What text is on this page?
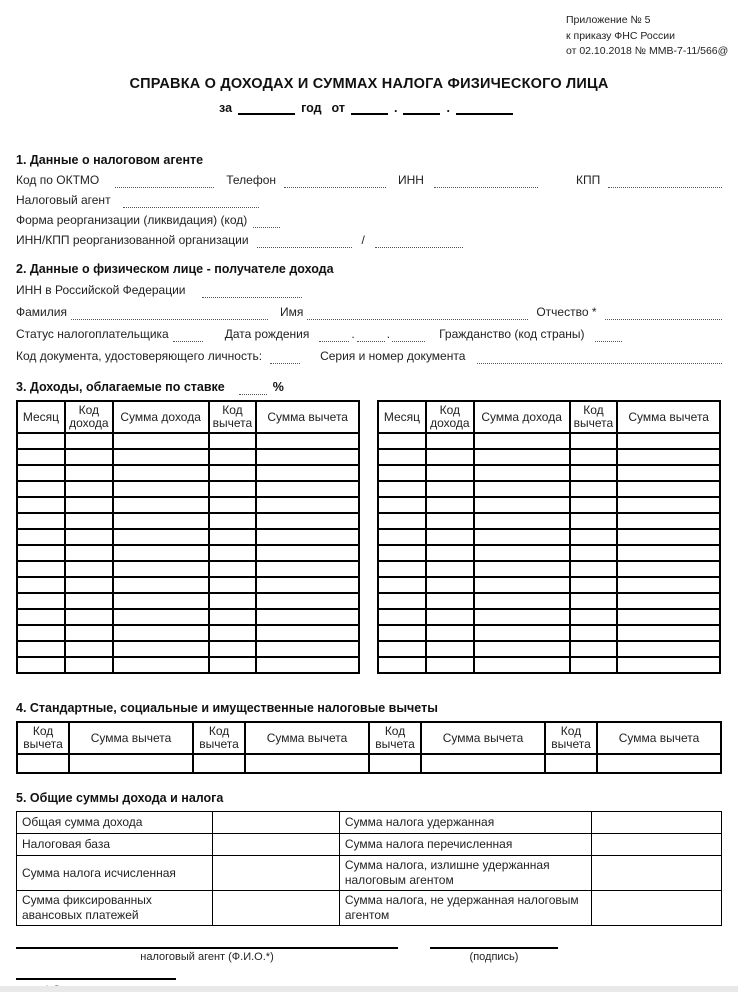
Приложение № 5
к приказу ФНС России
от 02.10.2018 № ММВ-7-11/566@
СПРАВКА О ДОХОДАХ И СУММАХ НАЛОГА ФИЗИЧЕСКОГО ЛИЦА
за	год от	.	.
1. Данные о налоговом агенте
Код по ОКТМО	Телефон	ИНН	КПП
Налоговый агент
Форма реорганизации (ликвидация) (код)
ИНН/КПП реорганизованной организации	/
2. Данные о физическом лице - получателе дохода
ИНН в Российской Федерации
Фамилия	Имя	Отчество *
Статус налогоплательщика	Дата рождения	.	.	Гражданство (код страны)
Код документа, удостоверяющего личность:	Серия и номер документа
3. Доходы, облагаемые по ставке	%
Месяц	Код дохода	Сумма дохода	Код вычета	Сумма вычета

					Месяц	Код дохода	Сумма дохода	Код вычета	Сумма вычета

4. Стандартные, социальные и имущественные налоговые вычеты
Код вычета	Сумма вычета	Код вычета	Сумма вычета	Код вычета	Сумма вычета	Код вычета	Сумма вычета

5. Общие суммы дохода и налога
Общая сумма дохода		Сумма налога удержанная	
Налоговая база		Сумма налога перечисленная	
Сумма налога исчисленная		Сумма налога, излишне удержанная налоговым агентом	
Сумма фиксированных авансовых платежей		Сумма налога, не удержанная налоговым агентом	
налоговый агент (Ф.И.О.*)	(подпись)
